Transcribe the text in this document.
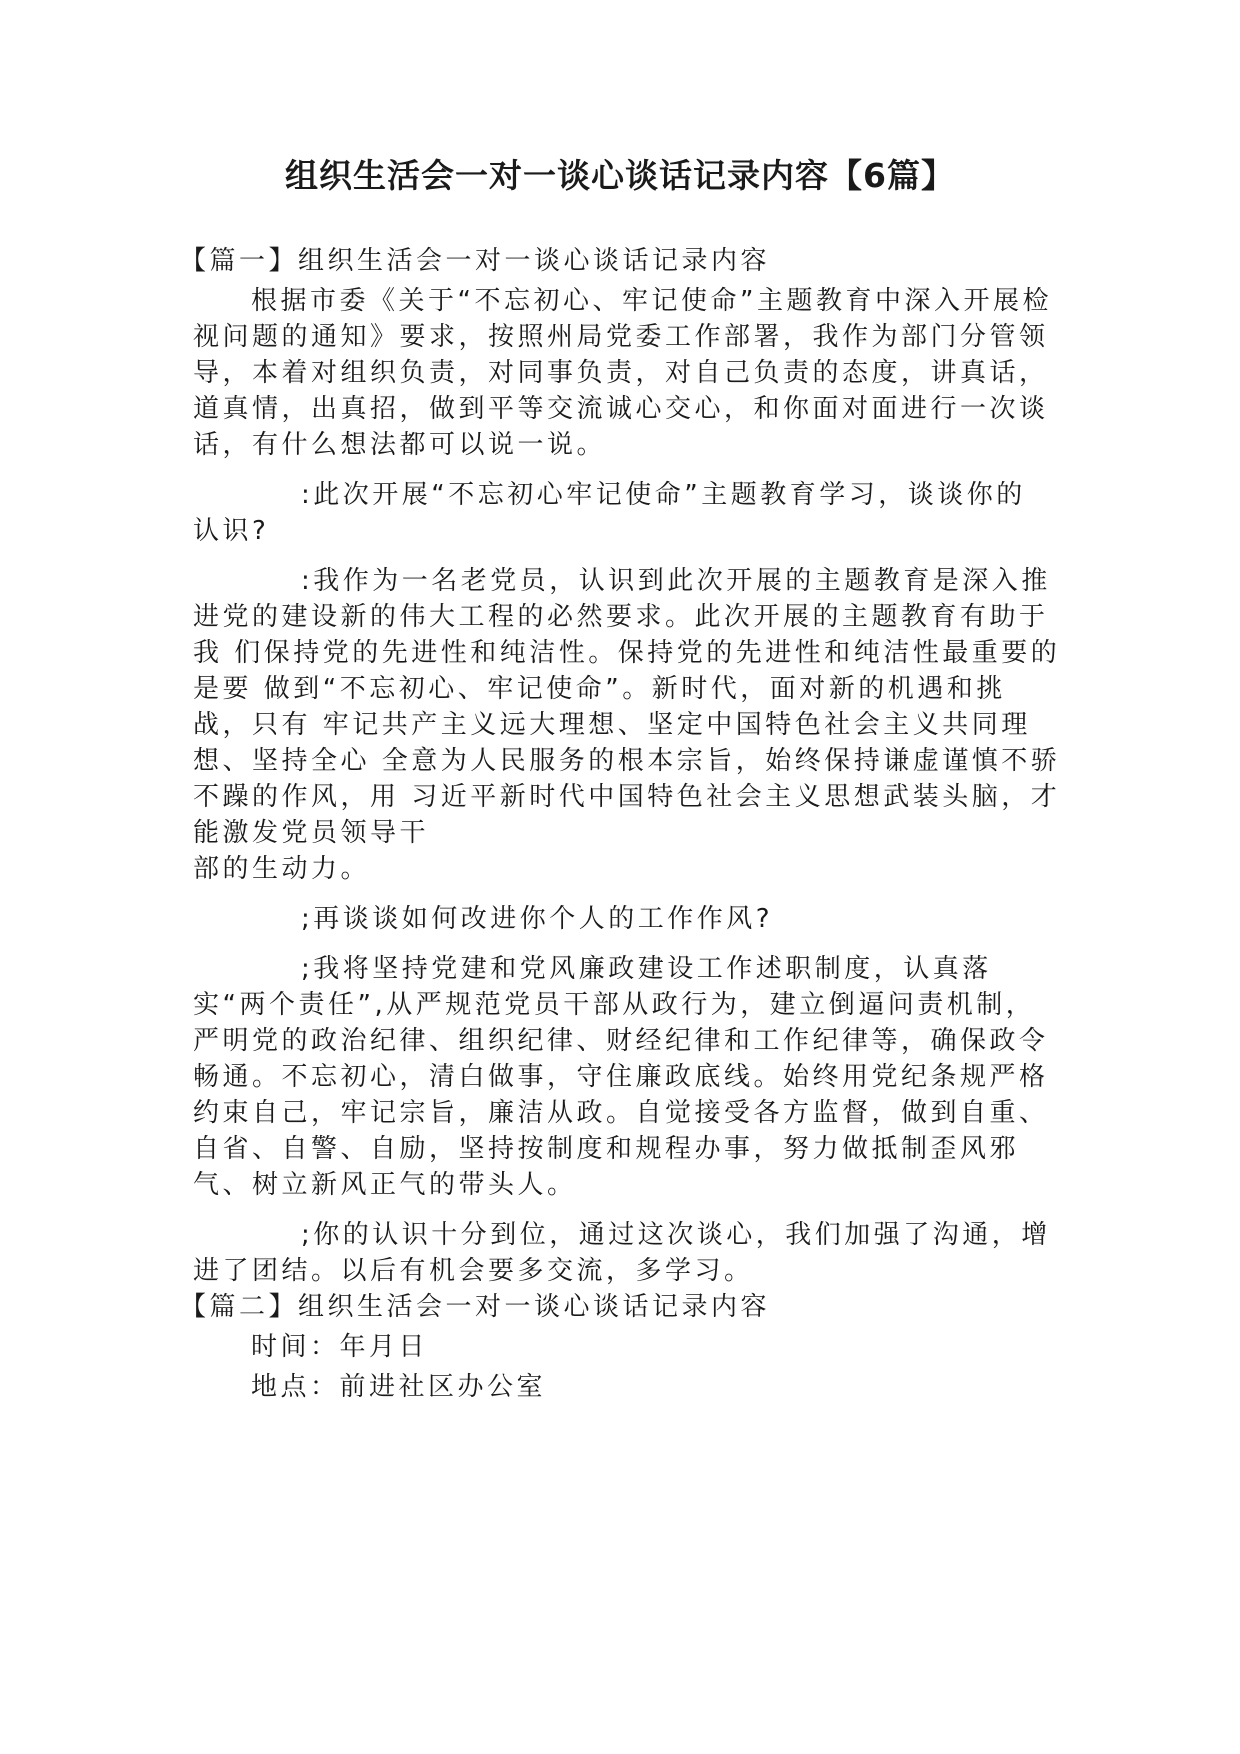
组织生活会一对一谈心谈话记录内容【6篇】

【篇一】组织生活会一对一谈心谈话记录内容

根据市委《关于“不忘初心、牢记使命”主题教育中深入开展检视问题的通知》要求，按照州局党委工作部署，我作为部门分管领导，本着对组织负责，对同事负责，对自己负责的态度，讲真话，道真情，出真招，做到平等交流诚心交心，和你面对面进行一次谈话，有什么想法都可以说一说。

:此次开展“不忘初心牢记使命”主题教育学习，谈谈你的 认识?

:我作为一名老党员，认识到此次开展的主题教育是深入推 进党的建设新的伟大工程的必然要求。此次开展的主题教育有助于我 们保持党的先进性和纯洁性。保持党的先进性和纯洁性最重要的是要 做到“不忘初心、牢记使命”。新时代，面对新的机遇和挑战，只有 牢记共产主义远大理想、坚定中国特色社会主义共同理想、坚持全心 全意为人民服务的根本宗旨，始终保持谦虚谨慎不骄不躁的作风，用 习近平新时代中国特色社会主义思想武装头脑，才能激发党员领导干

部的生动力。

;再谈谈如何改进你个人的工作作风?

;我将坚持党建和党风廉政建设工作述职制度，认真落实“两个责任”,从严规范党员干部从政行为，建立倒逼问责机制，严明党的政治纪律、组织纪律、财经纪律和工作纪律等，确保政令畅通。不忘初心，清白做事，守住廉政底线。始终用党纪条规严格约束自己，牢记宗旨，廉洁从政。自觉接受各方监督，做到自重、自省、自警、自励，坚持按制度和规程办事，努力做抵制歪风邪气、树立新风正气的带头人。

;你的认识十分到位，通过这次谈心，我们加强了沟通，增进了团结。以后有机会要多交流，多学习。

【篇二】组织生活会一对一谈心谈话记录内容

时间：年月日

地点：前进社区办公室
